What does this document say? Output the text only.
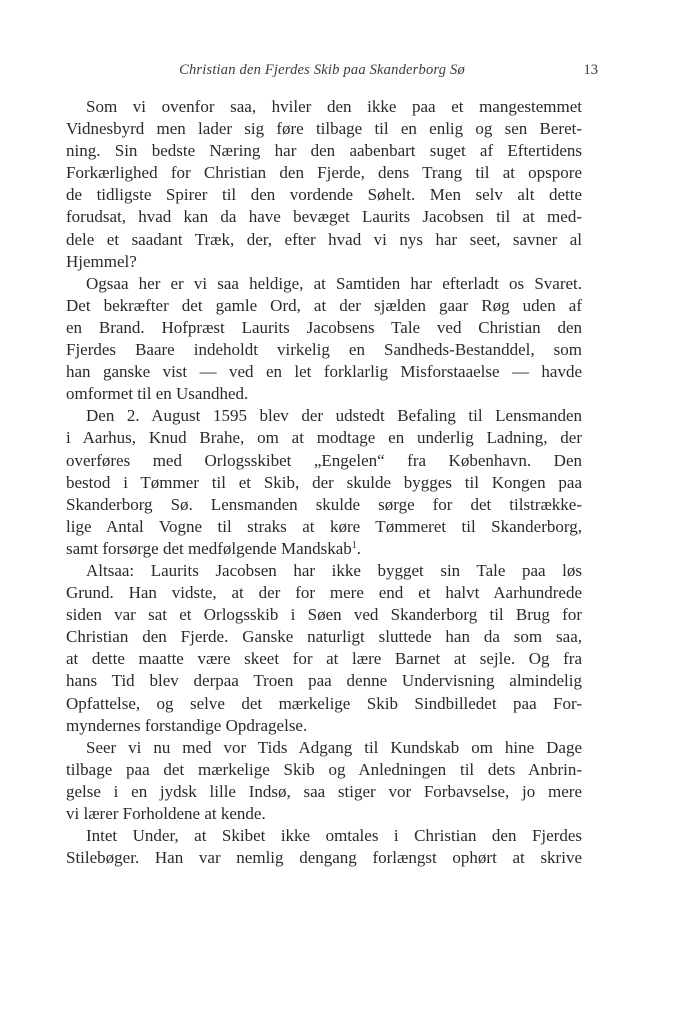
Christian den Fjerdes Skib paa Skanderborg Sø	13
Som vi ovenfor saa, hviler den ikke paa et mangestemmet
Vidnesbyrd men lader sig føre tilbage til en enlig og sen Beret-
ning. Sin bedste Næring har den aabenbart suget af Eftertidens
Forkærlighed for Christian den Fjerde, dens Trang til at opspore
de tidligste Spirer til den vordende Søhelt. Men selv alt dette
forudsat, hvad kan da have bevæget Laurits Jacobsen til at med-
dele et saadant Træk, der, efter hvad vi nys har seet, savner al
Hjemmel?
Ogsaa her er vi saa heldige, at Samtiden har efterladt os Svaret.
Det bekræfter det gamle Ord, at der sjælden gaar Røg uden af
en Brand. Hofpræst Laurits Jacobsens Tale ved Christian den
Fjerdes Baare indeholdt virkelig en Sandheds-Bestanddel, som
han ganske vist — ved en let forklarlig Misforstaaelse — havde
omformet til en Usandhed.
Den 2. August 1595 blev der udstedt Befaling til Lensmanden
i Aarhus, Knud Brahe, om at modtage en underlig Ladning, der
overføres med Orlogsskibet „Engelen“ fra København. Den
bestod i Tømmer til et Skib, der skulde bygges til Kongen paa
Skanderborg Sø. Lensmanden skulde sørge for det tilstrække-
lige Antal Vogne til straks at køre Tømmeret til Skanderborg,
samt forsørge det medfølgende Mandskab$^1$.
Altsaa: Laurits Jacobsen har ikke bygget sin Tale paa løs
Grund. Han vidste, at der for mere end et halvt Aarhundrede
siden var sat et Orlogsskib i Søen ved Skanderborg til Brug for
Christian den Fjerde. Ganske naturligt sluttede han da som saa,
at dette maatte være skeet for at lære Barnet at sejle. Og fra
hans Tid blev derpaa Troen paa denne Undervisning almindelig
Opfattelse, og selve det mærkelige Skib Sindbilledet paa For-
myndernes forstandige Opdragelse.
Seer vi nu med vor Tids Adgang til Kundskab om hine Dage
tilbage paa det mærkelige Skib og Anledningen til dets Anbrin-
gelse i en jydsk lille Indsø, saa stiger vor Forbavselse, jo mere
vi lærer Forholdene at kende.
Intet Under, at Skibet ikke omtales i Christian den Fjerdes
Stilebøger. Han var nemlig dengang forlængst ophørt at skrive
